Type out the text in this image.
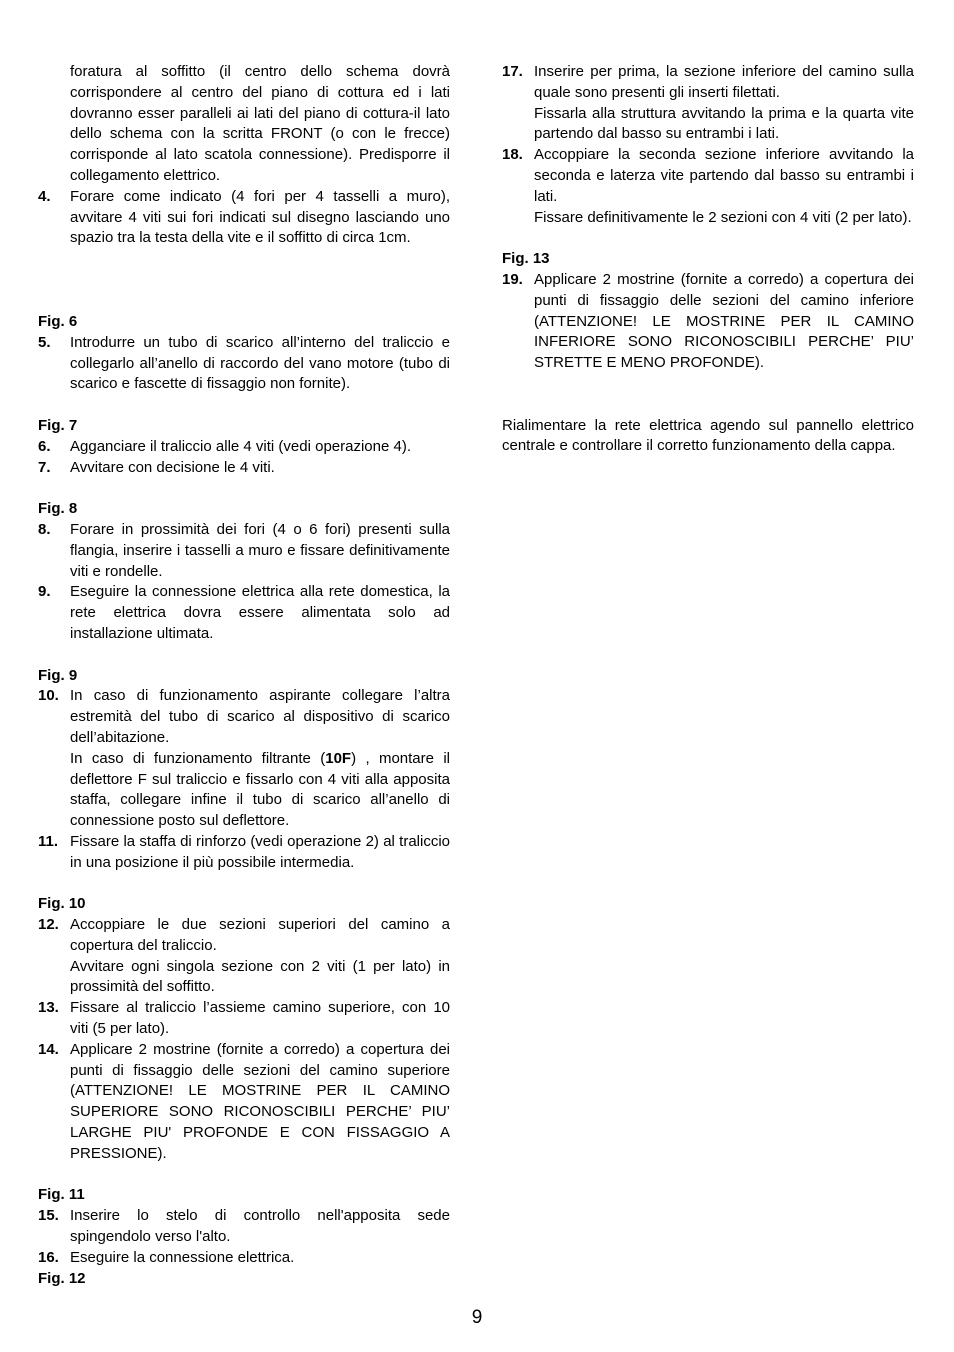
foratura al soffitto (il centro dello schema dovrà corrispondere al centro del piano di cottura ed i lati dovranno esser paralleli ai lati del piano di cottura-il lato dello schema con la scritta FRONT (o con le frecce) corrisponde al lato scatola connessione). Predisporre il collegamento elettrico.

4.	Forare come indicato (4 fori per 4 tasselli a muro), avvitare 4 viti sui fori indicati sul disegno lasciando uno spazio tra la testa della vite e il soffitto di circa 1cm.

Fig. 6

5.	Introdurre un tubo di scarico all’interno del traliccio e collegarlo all’anello di raccordo del vano motore (tubo di scarico e fascette di fissaggio non fornite).

Fig. 7

6.	Agganciare il traliccio alle 4 viti (vedi operazione 4).
7.	Avvitare con decisione le 4 viti.

Fig. 8

8.	Forare in prossimità dei fori (4 o 6 fori) presenti sulla flangia, inserire i tasselli a muro e fissare definitivamente viti e rondelle.
9.	Eseguire la connessione elettrica alla rete domestica, la rete elettrica dovra essere alimentata solo ad installazione ultimata.

Fig. 9

10. In caso di funzionamento aspirante collegare l’altra estremità del tubo di scarico al dispositivo di scarico dell’abitazione.

In caso di funzionamento filtrante (10F) , montare il deflettore F sul traliccio e fissarlo con 4 viti alla apposita staffa, collegare infine il tubo di scarico all’anello di connessione posto sul deflettore.

11. Fissare la staffa di rinforzo (vedi operazione 2) al traliccio in una posizione il più possibile intermedia.

Fig. 10

12. Accoppiare le due sezioni superiori del camino a copertura del traliccio.

Avvitare ogni singola sezione con 2 viti (1 per lato) in prossimità del soffitto.

13. Fissare al traliccio l’assieme camino superiore, con 10 viti (5 per lato).
14. Applicare 2 mostrine (fornite a corredo) a copertura dei punti di fissaggio delle sezioni del camino superiore (ATTENZIONE! LE MOSTRINE PER IL CAMINO SUPERIORE SONO RICONOSCIBILI PERCHE’ PIU’ LARGHE PIU' PROFONDE E CON FISSAGGIO A PRESSIONE).

Fig. 11

15. Inserire lo stelo di controllo nell'apposita sede spingendolo verso l'alto.
16. Eseguire la connessione elettrica.

Fig. 12

17. Inserire per prima, la sezione inferiore del camino sulla quale sono presenti gli inserti filettati.

Fissarla alla struttura avvitando la prima e la quarta vite partendo dal basso su entrambi i lati.

18. Accoppiare la seconda sezione inferiore avvitando la seconda e laterza vite partendo dal basso su entrambi i lati.

Fissare definitivamente le 2 sezioni con 4 viti (2 per lato).

Fig. 13

19. Applicare 2 mostrine (fornite a corredo) a copertura dei punti di fissaggio delle sezioni del camino inferiore (ATTENZIONE! LE MOSTRINE PER IL CAMINO INFERIORE SONO RICONOSCIBILI PERCHE’ PIU’ STRETTE E MENO PROFONDE).

Rialimentare la rete elettrica agendo sul pannello elettrico centrale e controllare il corretto funzionamento della cappa.

9
